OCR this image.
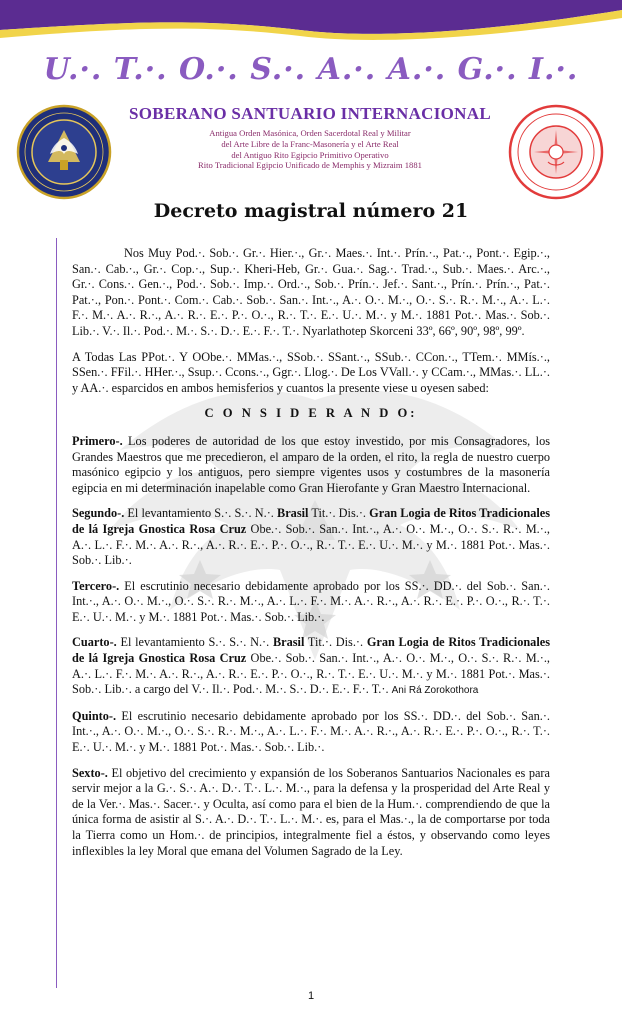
U.·. T.·. O.·. S.·. A.·. A.·. G.·. I.·.
SOBERANO SANTUARIO INTERNACIONAL
Antigua Orden Masónica, Orden Sacerdotal Real y Militar
del Arte Libre de la Franc-Masonería y el Arte Real
del Antiguo Rito Egipcio Primitivo Operativo
Rito Tradicional Egipcio Unificado de Memphis y Mizraim 1881
Decreto magistral número 21

Nos Muy Pod.·. Sob.·. Gr.·. Hier.·., Gr.·. Maes.·. Int.·. Prín.·., Pat.·., Pont.·. Egip.·., San.·. Cab.·., Gr.·. Cop.·., Sup.·. Kheri-Heb, Gr.·. Gua.·. Sag.·. Trad.·., Sub.·. Maes.·. Arc.·., Gr.·. Cons.·. Gen.·., Pod.·. Sob.·. Imp.·. Ord.·., Sob.·. Prín.·. Jef.·. Sant.·., Prín.·. Prín.·., Pat.·. Pat.·., Pon.·. Pont.·. Com.·. Cab.·. Sob.·. San.·. Int.·., A.·. O.·. M.·., O.·. S.·. R.·. M.·., A.·. L.·. F.·. M.·. A.·. R.·., A.·. R.·. E.·. P.·. O.·., R.·. T.·. E.·. U.·. M.·. y M.·. 1881 Pot.·. Mas.·. Sob.·. Lib.·. V.·. Il.·. Pod.·. M.·. S.·. D.·. E.·. F.·. T.·. Nyarlathotep Skorceni 33º, 66º, 90º, 98º, 99º.

A Todas Las PPot.·. Y OObe.·. MMas.·., SSob.·. SSant.·., SSub.·. CCon.·., TTem.·. MMís.·., SSen.·. FFil.·. HHer.·., Ssup.·. Ccons.·., Ggr.·. Llog.·. De Los VVall.·. y CCam.·., MMas.·. LL.·. y AA.·. esparcidos en ambos hemisferios y cuantos la presente viese u oyesen sabed:

C O N S I D E R A N D O:

Primero-. Los poderes de autoridad de los que estoy investido, por mis Consagradores, los Grandes Maestros que me precedieron, el amparo de la orden, el rito, la regla de nuestro cuerpo masónico egipcio y los antiguos, pero siempre vigentes usos y costumbres de la masonería egipcia en mi determinación inapelable como Gran Hierofante y Gran Maestro Internacional.

Segundo-. El levantamiento S.·. S.·. N.·. Brasil Tit.·. Dis.·. Gran Logia de Ritos Tradicionales de lá Igreja Gnostica Rosa Cruz Obe.·. Sob.·. San.·. Int.·., A.·. O.·. M.·., O.·. S.·. R.·. M.·., A.·. L.·. F.·. M.·. A.·. R.·., A.·. R.·. E.·. P.·. O.·., R.·. T.·. E.·. U.·. M.·. y M.·. 1881 Pot.·. Mas.·. Sob.·. Lib.·.

Tercero-. El escrutinio necesario debidamente aprobado por los SS.·. DD.·. del Sob.·. San.·. Int.·., A.·. O.·. M.·., O.·. S.·. R.·. M.·., A.·. L.·. F.·. M.·. A.·. R.·., A.·. R.·. E.·. P.·. O.·., R.·. T.·. E.·. U.·. M.·. y M.·. 1881 Pot.·. Mas.·. Sob.·. Lib.·.

Cuarto-. El levantamiento S.·. S.·. N.·. Brasil Tit.·. Dis.·. Gran Logia de Ritos Tradicionales de lá Igreja Gnostica Rosa Cruz Obe.·. Sob.·. San.·. Int.·., A.·. O.·. M.·., O.·. S.·. R.·. M.·., A.·. L.·. F.·. M.·. A.·. R.·., A.·. R.·. E.·. P.·. O.·., R.·. T.·. E.·. U.·. M.·. y M.·. 1881 Pot.·. Mas.·. Sob.·. Lib.·. a cargo del V.·. Il.·. Pod.·. M.·. S.·. D.·. E.·. F.·. T.·. Ani Rá Zorokothora

Quinto-. El escrutinio necesario debidamente aprobado por los SS.·. DD.·. del Sob.·. San.·. Int.·., A.·. O.·. M.·., O.·. S.·. R.·. M.·., A.·. L.·. F.·. M.·. A.·. R.·., A.·. R.·. E.·. P.·. O.·., R.·. T.·. E.·. U.·. M.·. y M.·. 1881 Pot.·. Mas.·. Sob.·. Lib.·.

Sexto-. El objetivo del crecimiento y expansión de los Soberanos Santuarios Nacionales es para servir mejor a la G.·. S.·. A.·. D.·. T.·. L.·. M.·., para la defensa y la prosperidad del Arte Real y de la Ver.·. Mas.·. Sacer.·. y Oculta, así como para el bien de la Hum.·. comprendiendo de que la única forma de asistir al S.·. A.·. D.·. T.·. L.·. M.·. es, para el Mas.·., la de comportarse por toda la Tierra como un Hom.·. de principios, integralmente fiel a éstos, y observando como leyes inflexibles la ley Moral que emana del Volumen Sagrado de la Ley.

1
